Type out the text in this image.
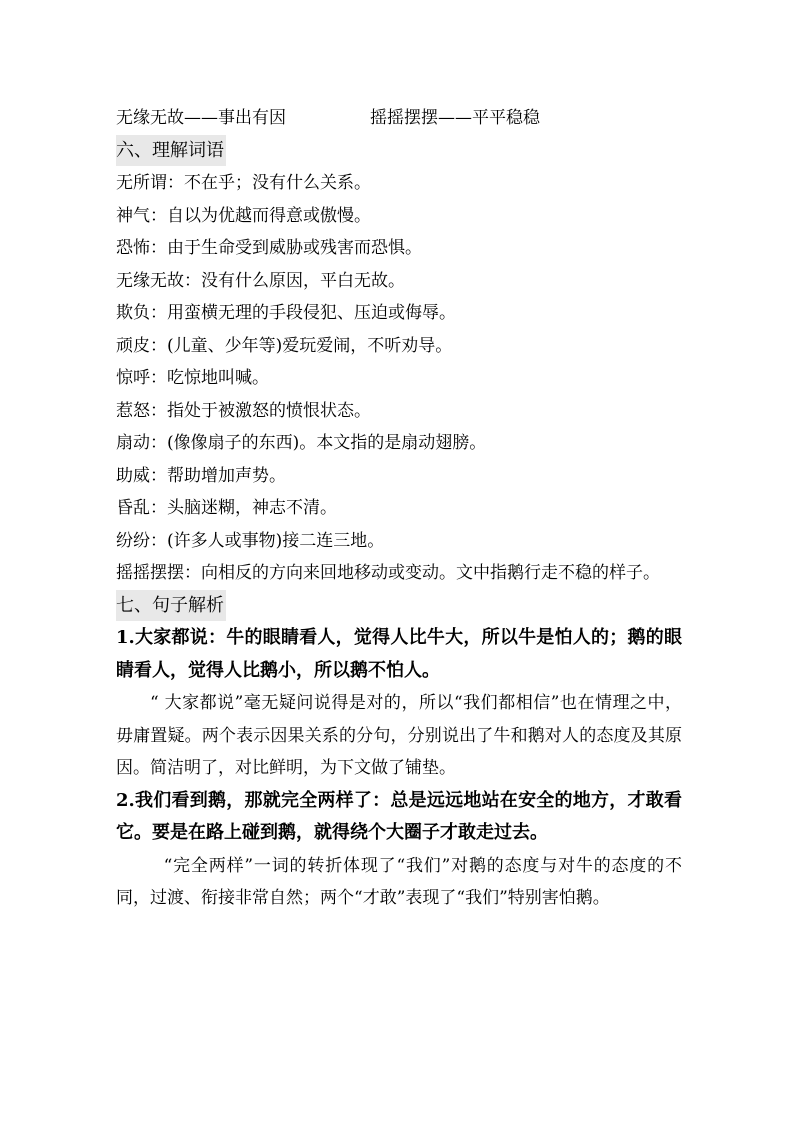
无缘无故——事出有因	摇摇摆摆——平平稳稳
六、理解词语
无所谓：不在乎；没有什么关系。
神气：自以为优越而得意或傲慢。
恐怖：由于生命受到威胁或残害而恐惧。
无缘无故：没有什么原因，平白无故。
欺负：用蛮横无理的手段侵犯、压迫或侮辱。
顽皮：(儿童、少年等)爱玩爱闹，不听劝导。
惊呼：吃惊地叫喊。
惹怒：指处于被激怒的愤恨状态。
扇动：(像像扇子的东西)。本文指的是扇动翅膀。
助威：帮助增加声势。
昏乱：头脑迷糊，神志不清。
纷纷：(许多人或事物)接二连三地。
摇摇摆摆：向相反的方向来回地移动或变动。文中指鹅行走不稳的样子。
七、句子解析
1.大家都说：牛的眼睛看人，觉得人比牛大，所以牛是怕人的；鹅的眼睛看人，觉得人比鹅小，所以鹅不怕人。
“ 大家都说”毫无疑问说得是对的，所以“我们都相信”也在情理之中，毋庸置疑。两个表示因果关系的分句，分别说出了牛和鹅对人的态度及其原因。简洁明了，对比鲜明，为下文做了铺垫。
2.我们看到鹅，那就完全两样了：总是远远地站在安全的地方，才敢看它。要是在路上碰到鹅，就得绕个大圈子才敢走过去。
“完全两样”一词的转折体现了“我们”对鹅的态度与对牛的态度的不同，过渡、衔接非常自然；两个“才敢”表现了“我们”特别害怕鹅。
